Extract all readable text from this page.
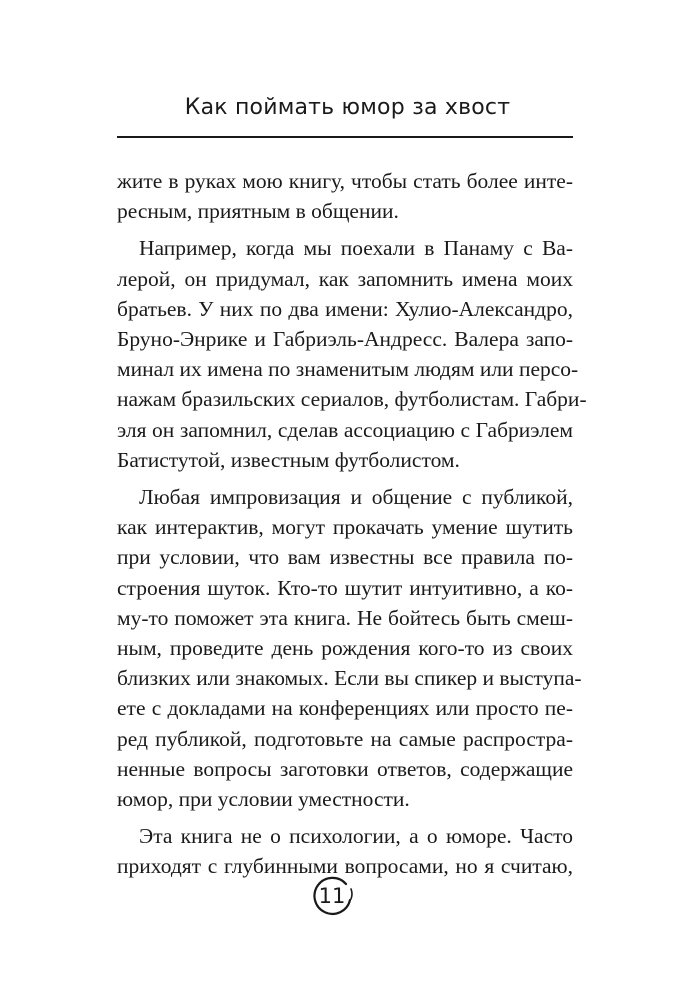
Как поймать юмор за хвост
жите в руках мою книгу, чтобы стать более инте-
ресным, приятным в общении.
Например, когда мы поехали в Панаму с Ва-
лерой, он придумал, как запомнить имена моих
братьев. У них по два имени: Хулио-Александро,
Бруно-Энрике и Габриэль-Андресс. Валера запо-
минал их имена по знаменитым людям или персо-
нажам бразильских сериалов, футболистам. Габри-
эля он запомнил, сделав ассоциацию с Габриэлем
Батистутой, известным футболистом.
Любая импровизация и общение с публикой,
как интерактив, могут прокачать умение шутить
при условии, что вам известны все правила по-
строения шуток. Кто-то шутит интуитивно, а ко-
му-то поможет эта книга. Не бойтесь быть смеш-
ным, проведите день рождения кого-то из своих
близких или знакомых. Если вы спикер и выступа-
ете с докладами на конференциях или просто пе-
ред публикой, подготовьте на самые распростра-
ненные вопросы заготовки ответов, содержащие
юмор, при условии уместности.
Эта книга не о психологии, а о юморе. Часто
приходят с глубинными вопросами, но я считаю,
11
